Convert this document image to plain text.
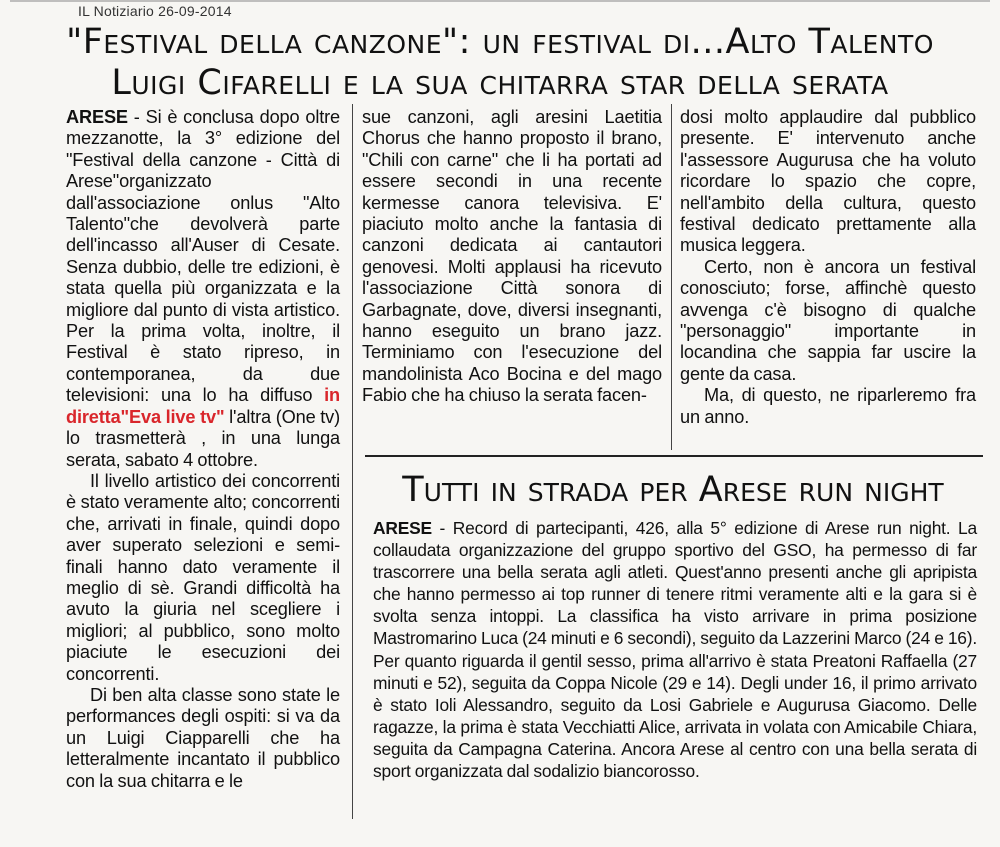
IL Notiziario 26-09-2014
"Festival della canzone": un festival di...Alto Talento
Luigi Cifarelli e la sua chitarra star della serata

ARESE - Si è conclusa dopo oltre mezzanotte, la 3° edizione del "Festival della canzone - Città di Arese"organizzato dall'associazione onlus "Alto Talento"che devolverà parte dell'incasso all'Auser di Cesate. Senza dubbio, delle tre edizioni, è stata quella più organizzata e la migliore dal punto di vista artistico. Per la prima volta, inoltre, il Festival è stato ripreso, in contemporanea, da due televisioni: una lo ha diffuso in diretta"Eva live tv" l'altra (One tv) lo trasmetterà , in una lunga serata, sabato 4 ottobre.

Il livello artistico dei concorrenti è stato veramente alto; concorrenti che, arrivati in finale, quindi dopo aver superato selezioni e semi-finali hanno dato veramente il meglio di sè. Grandi difficoltà ha avuto la giuria nel scegliere i migliori; al pubblico, sono molto piaciute le esecuzioni dei concorrenti.

Di ben alta classe sono state le performances degli ospiti: si va da un Luigi Ciapparelli che ha letteralmente incantato il pubblico con la sua chitarra e le

sue canzoni, agli aresini Laetitia Chorus che hanno proposto il brano, "Chili con carne" che li ha portati ad essere secondi in una recente kermesse canora televisiva. E' piaciuto molto anche la fantasia di canzoni dedicata ai cantautori genovesi. Molti applausi ha ricevuto l'associazione Città sonora di Garbagnate, dove, diversi insegnanti, hanno eseguito un brano jazz. Terminiamo con l'esecuzione del mandolinista Aco Bocina e del mago Fabio che ha chiuso la serata facen-

dosi molto applaudire dal pubblico presente. E' intervenuto anche l'assessore Augurusa che ha voluto ricordare lo spazio che copre, nell'ambito della cultura, questo festival dedicato prettamente alla musica leggera.

Certo, non è ancora un festival conosciuto; forse, affinchè questo avvenga c'è bisogno di qualche "personaggio" importante in locandina che sappia far uscire la gente da casa.

Ma, di questo, ne riparleremo fra un anno.

Tutti in strada per Arese run night

ARESE - Record di partecipanti, 426, alla 5° edizione di Arese run night. La collaudata organizzazione del gruppo sportivo del GSO, ha permesso di far trascorrere una bella serata agli atleti. Quest'anno presenti anche gli apripista che hanno permesso ai top runner di tenere ritmi veramente alti e la gara si è svolta senza intoppi. La classifica ha visto arrivare in prima posizione Mastromarino Luca (24 minuti e 6 secondi), seguito da Lazzerini Marco (24 e 16). Per quanto riguarda il gentil sesso, prima all'arrivo è stata Preatoni Raffaella (27 minuti e 52), seguita da Coppa Nicole (29 e 14). Degli under 16, il primo arrivato è stato Ioli Alessandro, seguito da Losi Gabriele e Augurusa Giacomo. Delle ragazze, la prima è stata Vecchiatti Alice, arrivata in volata con Amicabile Chiara, seguita da Campagna Caterina. Ancora Arese al centro con una bella serata di sport organizzata dal sodalizio biancorosso.
